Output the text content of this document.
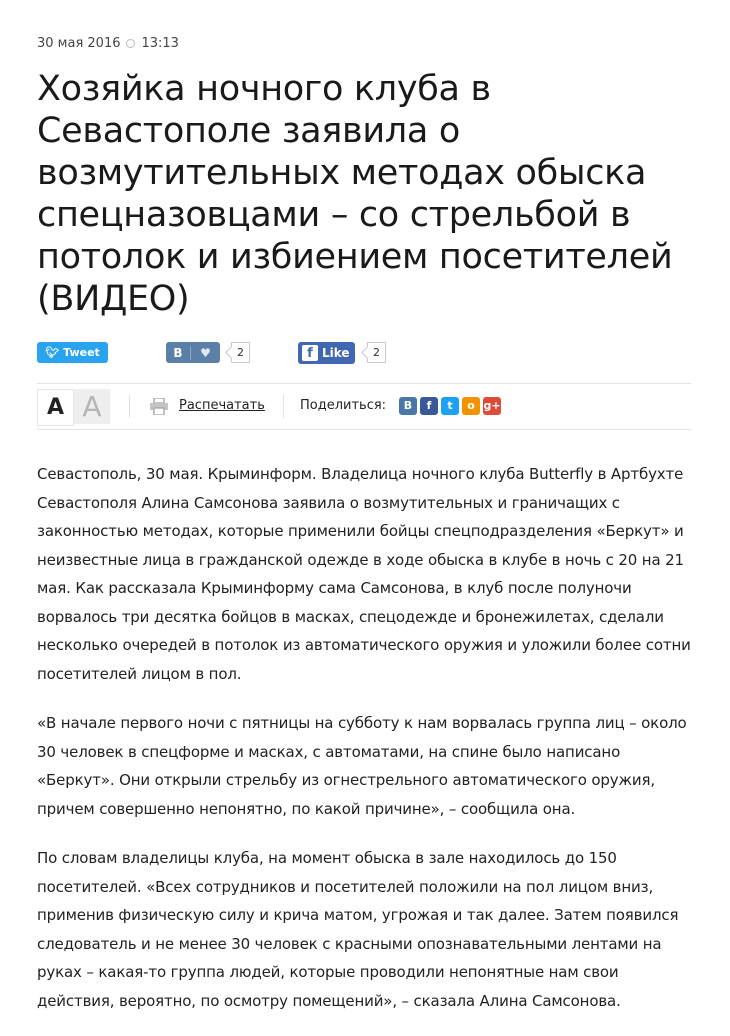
30 мая 2016 13:13
Хозяйка ночного клуба в Севастополе заявила о возмутительных методах обыска спецназовцами – со стрельбой в потолок и избиением посетителей (ВИДЕО)
🐦︎ Tweet	В	♥	2	f Like	2
A A	Распечатать	Поделиться:	В	f	t	о g+

Севастополь, 30 мая. Крыминформ. Владелица ночного клуба Butterfly в Артбухте Севастополя Алина Самсонова заявила о возмутительных и граничащих с законностью методах, которые применили бойцы спецподразделения «Беркут» и неизвестные лица в гражданской одежде в ходе обыска в клубе в ночь с 20 на 21 мая. Как рассказала Крыминформу сама Самсонова, в клуб после полуночи ворвалось три десятка бойцов в масках, спецодежде и бронежилетах, сделали несколько очередей в потолок из автоматического оружия и уложили более сотни посетителей лицом в пол.

«В начале первого ночи с пятницы на субботу к нам ворвалась группа лиц – около 30 человек в спецформе и масках, с автоматами, на спине было написано «Беркут». Они открыли стрельбу из огнестрельного автоматического оружия, причем совершенно непонятно, по какой причине», – сообщила она.

По словам владелицы клуба, на момент обыска в зале находилось до 150 посетителей. «Всех сотрудников и посетителей положили на пол лицом вниз, применив физическую силу и крича матом, угрожая и так далее. Затем появился следователь и не менее 30 человек с красными опознавательными лентами на руках – какая-то группа людей, которые проводили непонятные нам свои действия, вероятно, по осмотру помещений», – сказала Алина Самсонова.
